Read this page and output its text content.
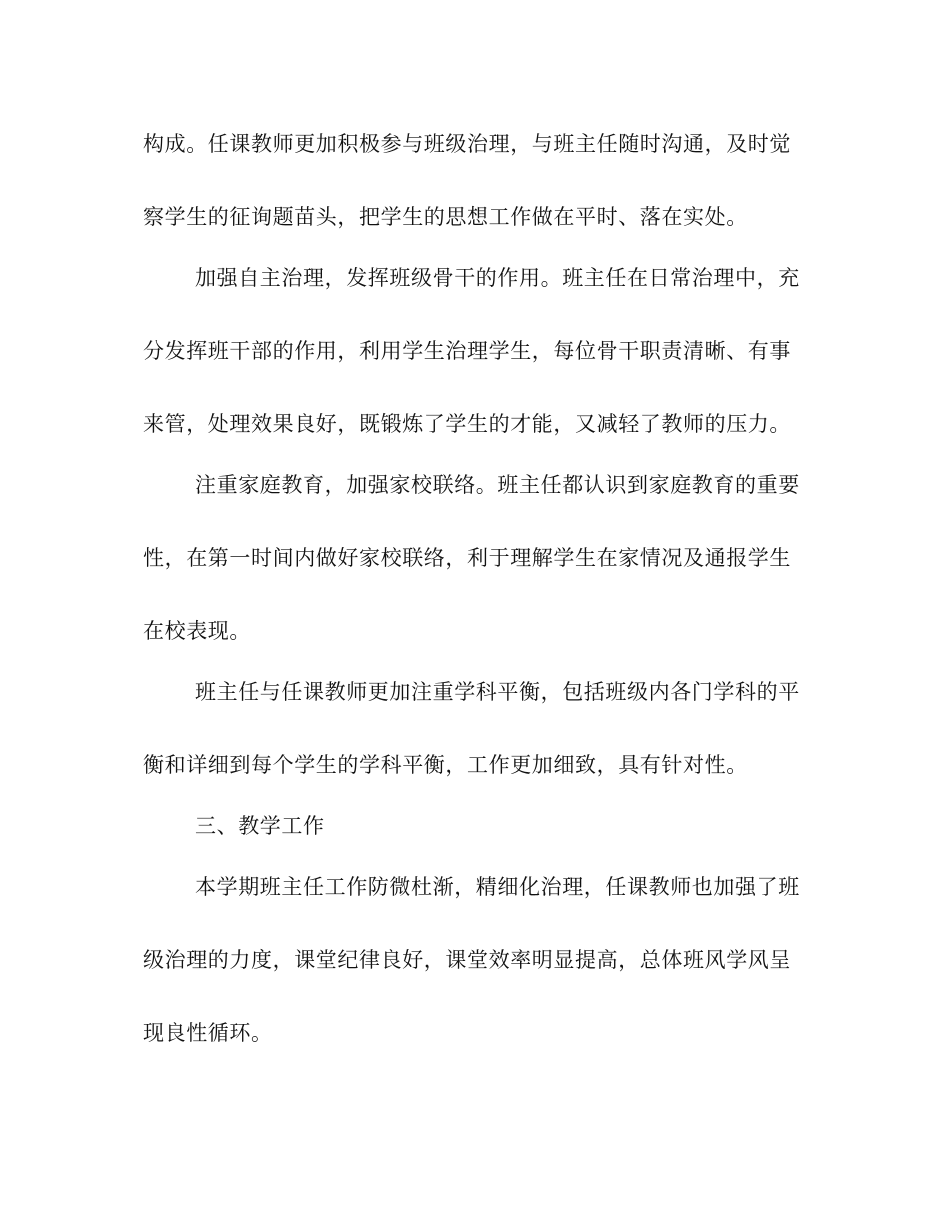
构成。任课教师更加积极参与班级治理，与班主任随时沟通，及时觉
察学生的征询题苗头，把学生的思想工作做在平时、落在实处。
加强自主治理，发挥班级骨干的作用。班主任在日常治理中，充
分发挥班干部的作用，利用学生治理学生，每位骨干职责清晰、有事
来管，处理效果良好，既锻炼了学生的才能，又减轻了教师的压力。
注重家庭教育，加强家校联络。班主任都认识到家庭教育的重要
性，在第一时间内做好家校联络，利于理解学生在家情况及通报学生
在校表现。
班主任与任课教师更加注重学科平衡，包括班级内各门学科的平
衡和详细到每个学生的学科平衡，工作更加细致，具有针对性。
三、教学工作
本学期班主任工作防微杜渐，精细化治理，任课教师也加强了班
级治理的力度，课堂纪律良好，课堂效率明显提高，总体班风学风呈
现良性循环。
